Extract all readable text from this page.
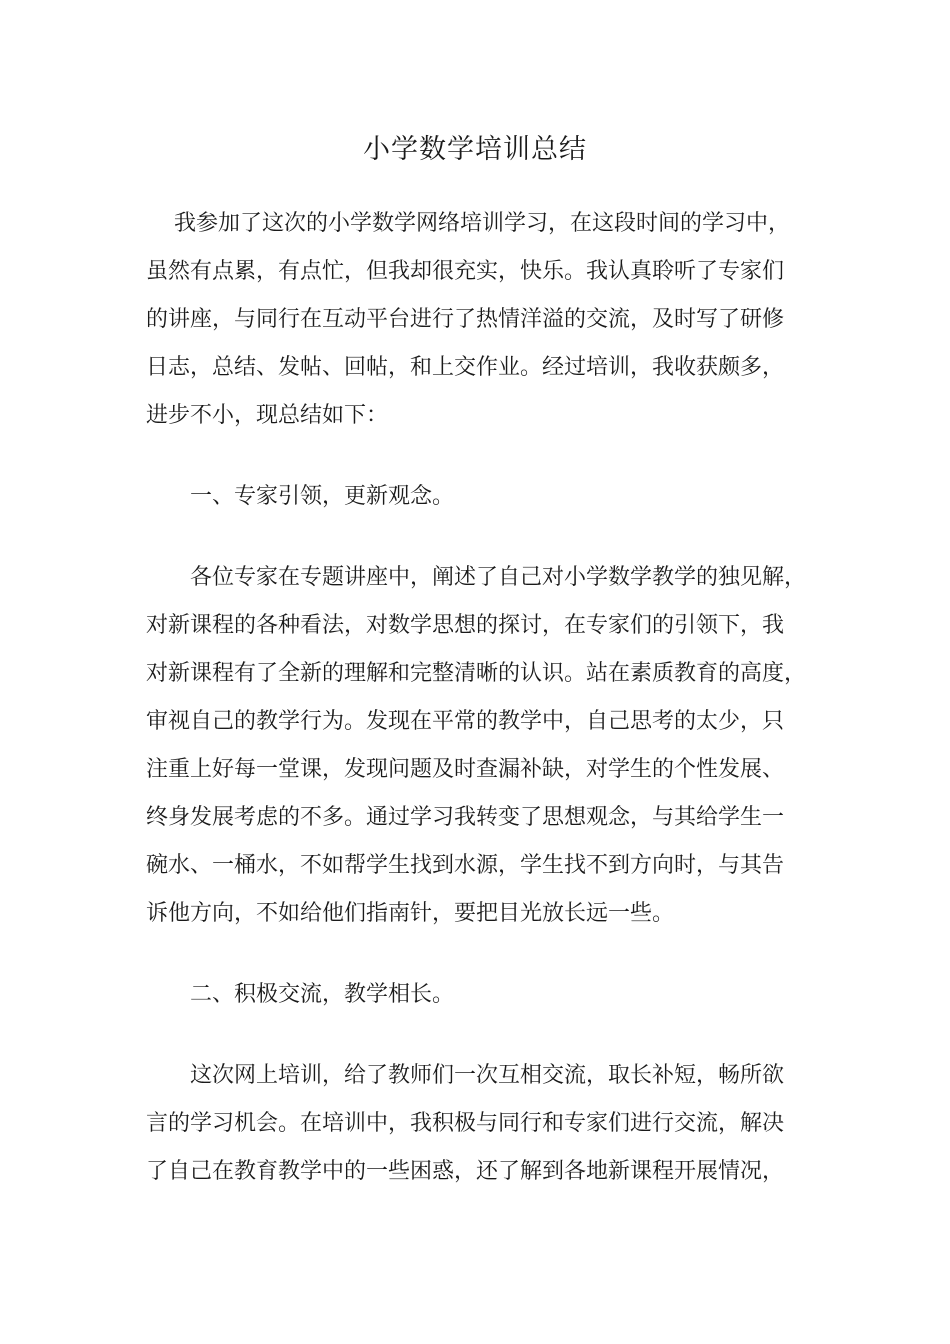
小学数学培训总结
我参加了这次的小学数学网络培训学习，在这段时间的学习中，
虽然有点累，有点忙，但我却很充实，快乐。我认真聆听了专家们
的讲座，与同行在互动平台进行了热情洋溢的交流，及时写了研修
日志，总结、发帖、回帖，和上交作业。经过培训，我收获颇多，
进步不小，现总结如下：
一、专家引领，更新观念。
各位专家在专题讲座中，阐述了自己对小学数学教学的独见解，
对新课程的各种看法，对数学思想的探讨，在专家们的引领下，我
对新课程有了全新的理解和完整清晰的认识。站在素质教育的高度，
审视自己的教学行为。发现在平常的教学中，自己思考的太少，只
注重上好每一堂课，发现问题及时查漏补缺，对学生的个性发展、
终身发展考虑的不多。通过学习我转变了思想观念，与其给学生一
碗水、一桶水，不如帮学生找到水源，学生找不到方向时，与其告
诉他方向，不如给他们指南针，要把目光放长远一些。
二、积极交流，教学相长。
这次网上培训，给了教师们一次互相交流，取长补短，畅所欲
言的学习机会。在培训中，我积极与同行和专家们进行交流，解决
了自己在教育教学中的一些困惑，还了解到各地新课程开展情况，
